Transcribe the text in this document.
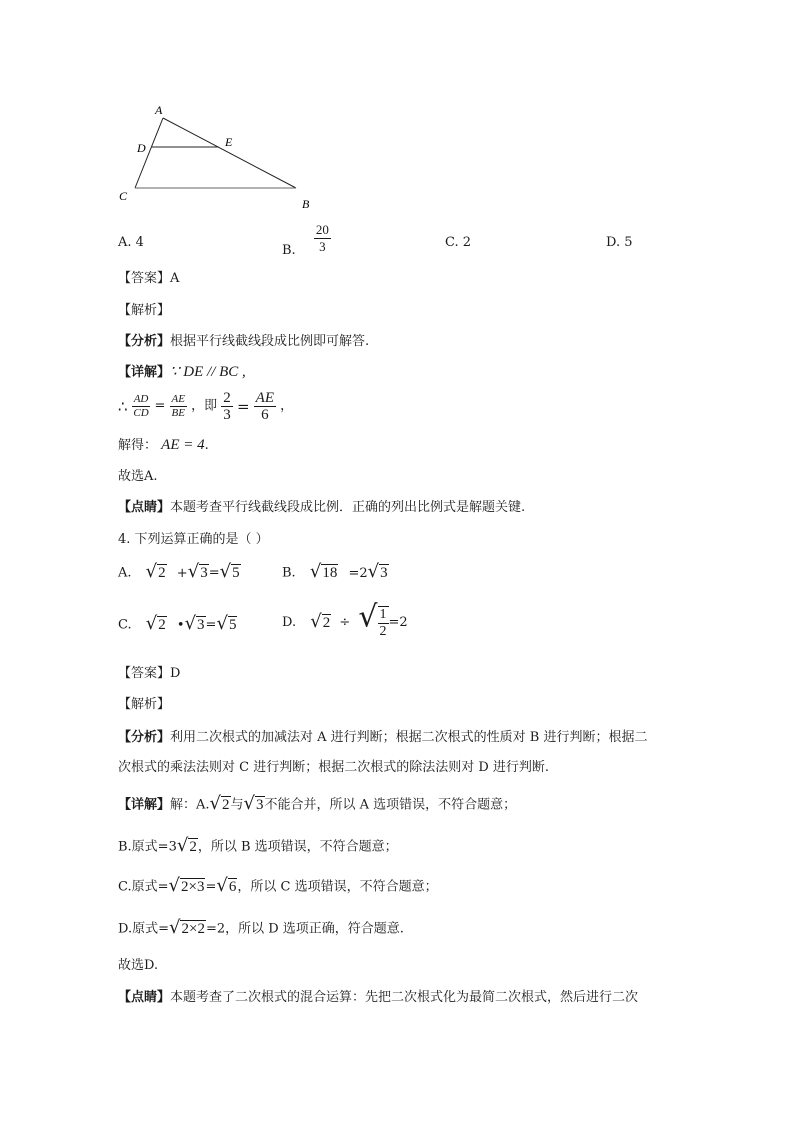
A
D	E
C
B
A. 4
B. $\frac{20}{3}$	C. 2	D. 5
【答案】A
【解析】
【分析】根据平行线截线段成比例即可解答.
【详解】∵ DE // BC ,
∴ $\frac{AD}{CD} = \frac{AE}{BE}$ ，即 $\frac{2}{3} = \frac{AE}{6}$ ，
解得： AE = 4.
故选A.
【点睛】本题考查平行线截线段成比例．正确的列出比例式是解题关键.
4. 下列运算正确的是（ ）
A. √2 +√3=√5	B. √18 =2√3
C. √2 •√3=√5	D. √2 ÷ √ $\frac{1}{2} =2$
【答案】D
【解析】
【分析】利用二次根式的加减法对 A 进行判断；根据二次根式的性质对 B 进行判断；根据二
次根式的乘法法则对 C 进行判断；根据二次根式的除法法则对 D 进行判断.
【详解】解：A.√2与√3不能合并，所以 A 选项错误，不符合题意；
B.原式=3√2，所以 B 选项错误，不符合题意；
C.原式=√2×3=√6，所以 C 选项错误，不符合题意；
D.原式=√2×2=2，所以 D 选项正确，符合题意.
故选D.
【点睛】本题考查了二次根式的混合运算：先把二次根式化为最简二次根式，然后进行二次
